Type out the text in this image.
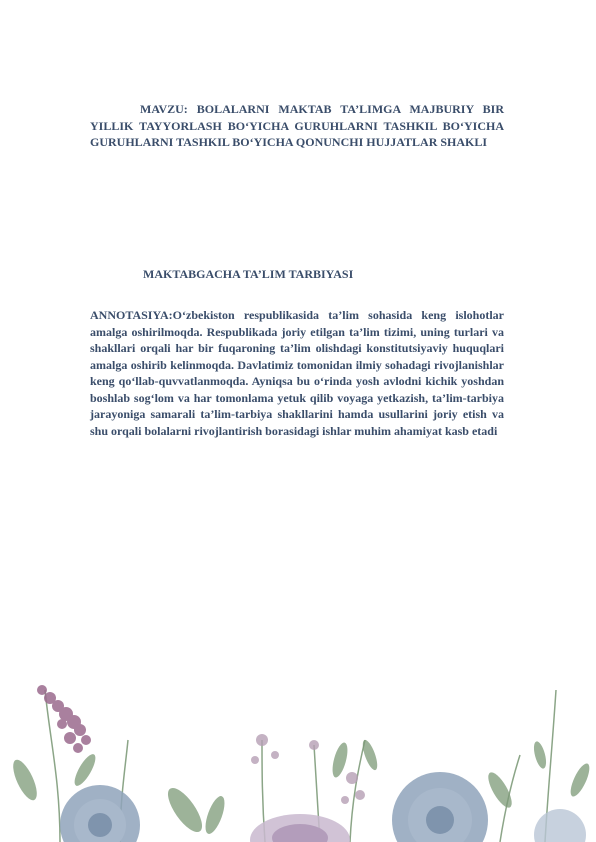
MAVZU: BOLALARNI MAKTAB TA’LIMGA MAJBURIY BIR YILLIK TAYYORLASH BO‘YICHA GURUHLARNI TASHKIL BO‘YICHA GURUHLARNI TASHKIL BO‘YICHA QONUNCHI HUJJATLAR SHAKLI

MAKTABGACHA TA’LIM TARBIYASI

ANNOTASIYA:O‘zbekiston respublikasida ta’lim sohasida keng islohotlar amalga oshirilmoqda. Respublikada joriy etilgan ta’lim tizimi, uning turlari va shakllari orqali har bir fuqaroning ta’lim olishdagi konstitutsiyaviy huquqlari amalga oshirib kelinmoqda. Davlatimiz tomonidan ilmiy sohadagi rivojlanishlar keng qo‘llab-quvvatlanmoqda. Ayniqsa bu o‘rinda yosh avlodni kichik yoshdan boshlab sog‘lom va har tomonlama yetuk qilib voyaga yetkazish, ta’lim-tarbiya jarayoniga samarali ta’lim-tarbiya shakllarini hamda usullarini joriy etish va shu orqali bolalarni rivojlantirish borasidagi ishlar muhim ahamiyat kasb etadi
